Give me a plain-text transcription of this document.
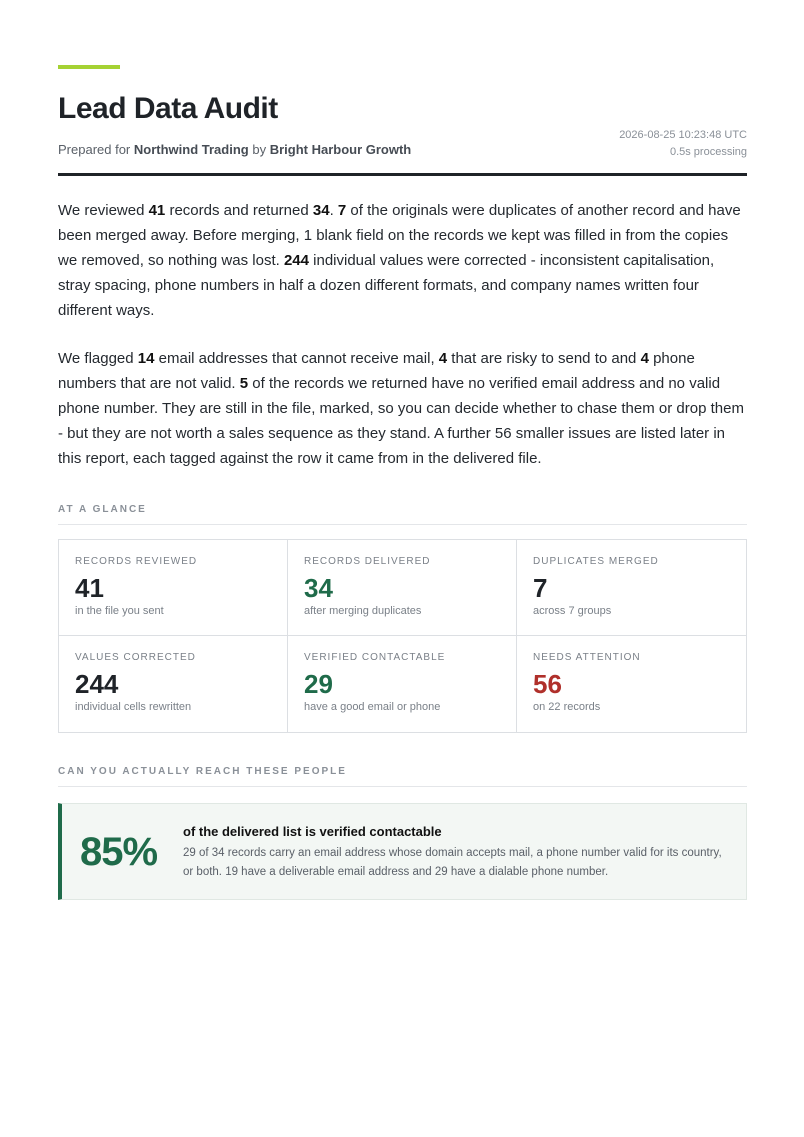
Lead Data Audit
Prepared for Northwind Trading by Bright Harbour Growth
2026-08-25 10:23:48 UTC
0.5s processing

We reviewed 41 records and returned 34. 7 of the originals were duplicates of another record and have been merged away. Before merging, 1 blank field on the records we kept was filled in from the copies we removed, so nothing was lost. 244 individual values were corrected - inconsistent capitalisation, stray spacing, phone numbers in half a dozen different formats, and company names written four different ways.

We flagged 14 email addresses that cannot receive mail, 4 that are risky to send to and 4 phone numbers that are not valid. 5 of the records we returned have no verified email address and no valid phone number. They are still in the file, marked, so you can decide whether to chase them or drop them - but they are not worth a sales sequence as they stand. A further 56 smaller issues are listed later in this report, each tagged against the row it came from in the delivered file.

AT A GLANCE
RECORDS REVIEWED
41
in the file you sent
RECORDS DELIVERED
34
after merging duplicates
DUPLICATES MERGED
7
across 7 groups
VALUES CORRECTED
244
individual cells rewritten
VERIFIED CONTACTABLE
29
have a good email or phone
NEEDS ATTENTION
56
on 22 records
CAN YOU ACTUALLY REACH THESE PEOPLE
85% of the delivered list is verified contactable
29 of 34 records carry an email address whose domain accepts mail, a phone number valid for its country, or both. 19 have a deliverable email address and 29 have a dialable phone number.
